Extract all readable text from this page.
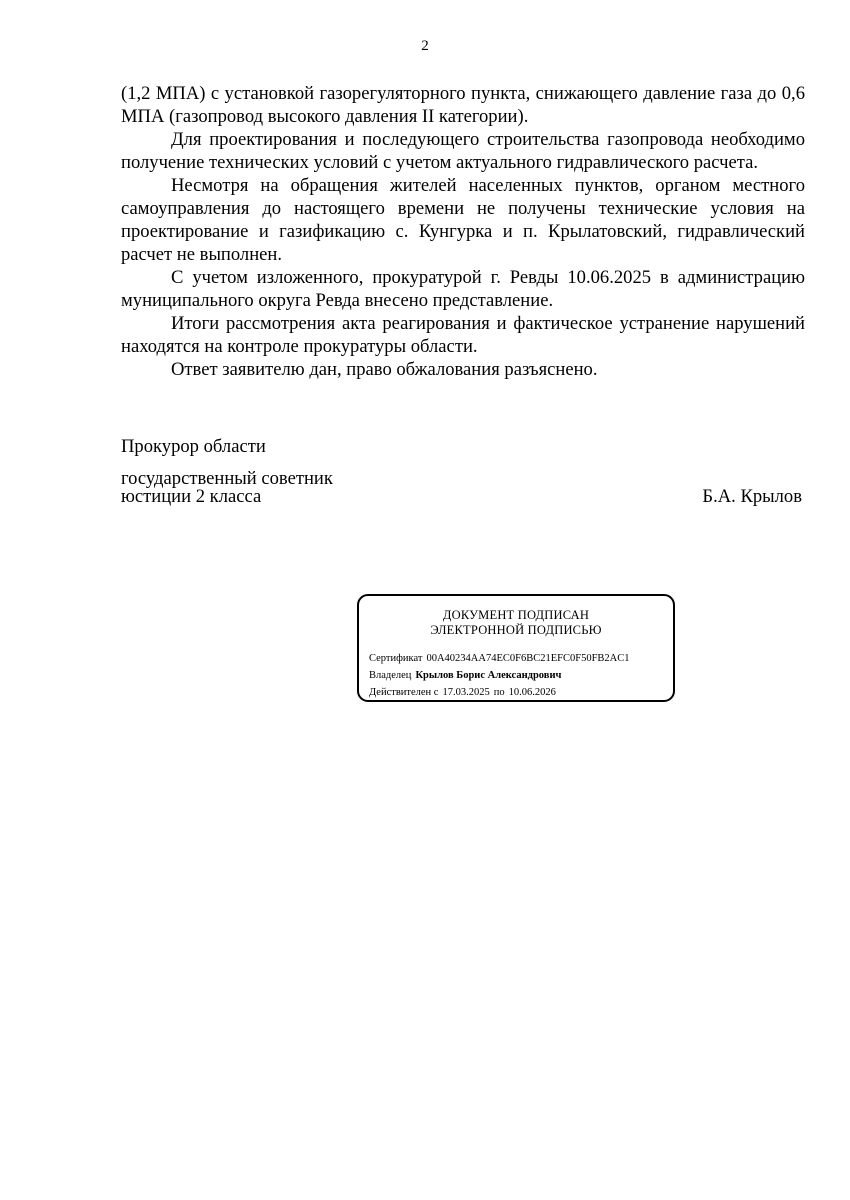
2

(1,2 МПА) с установкой газорегуляторного пункта, снижающего давление газа до 0,6 МПА (газопровод высокого давления II категории).

Для проектирования и последующего строительства газопровода необходимо получение технических условий с учетом актуального гидравлического расчета.

Несмотря на обращения жителей населенных пунктов, органом местного самоуправления до настоящего времени не получены технические условия на проектирование и газификацию с. Кунгурка и п. Крылатовский, гидравлический расчет не выполнен.

С учетом изложенного, прокуратурой г. Ревды 10.06.2025 в администрацию муниципального округа Ревда внесено представление.

Итоги рассмотрения акта реагирования и фактическое устранение нарушений находятся на контроле прокуратуры области.

Ответ заявителю дан, право обжалования разъяснено.

Прокурор области
государственный советник
юстиции 2 класса	Б.А. Крылов
ДОКУМЕНТ ПОДПИСАН
ЭЛЕКТРОННОЙ ПОДПИСЬЮ
Сертификат 00A40234AA74EC0F6BC21EFC0F50FB2AC1
Владелец Крылов Борис Александрович
Действителен с 17.03.2025 по 10.06.2026
